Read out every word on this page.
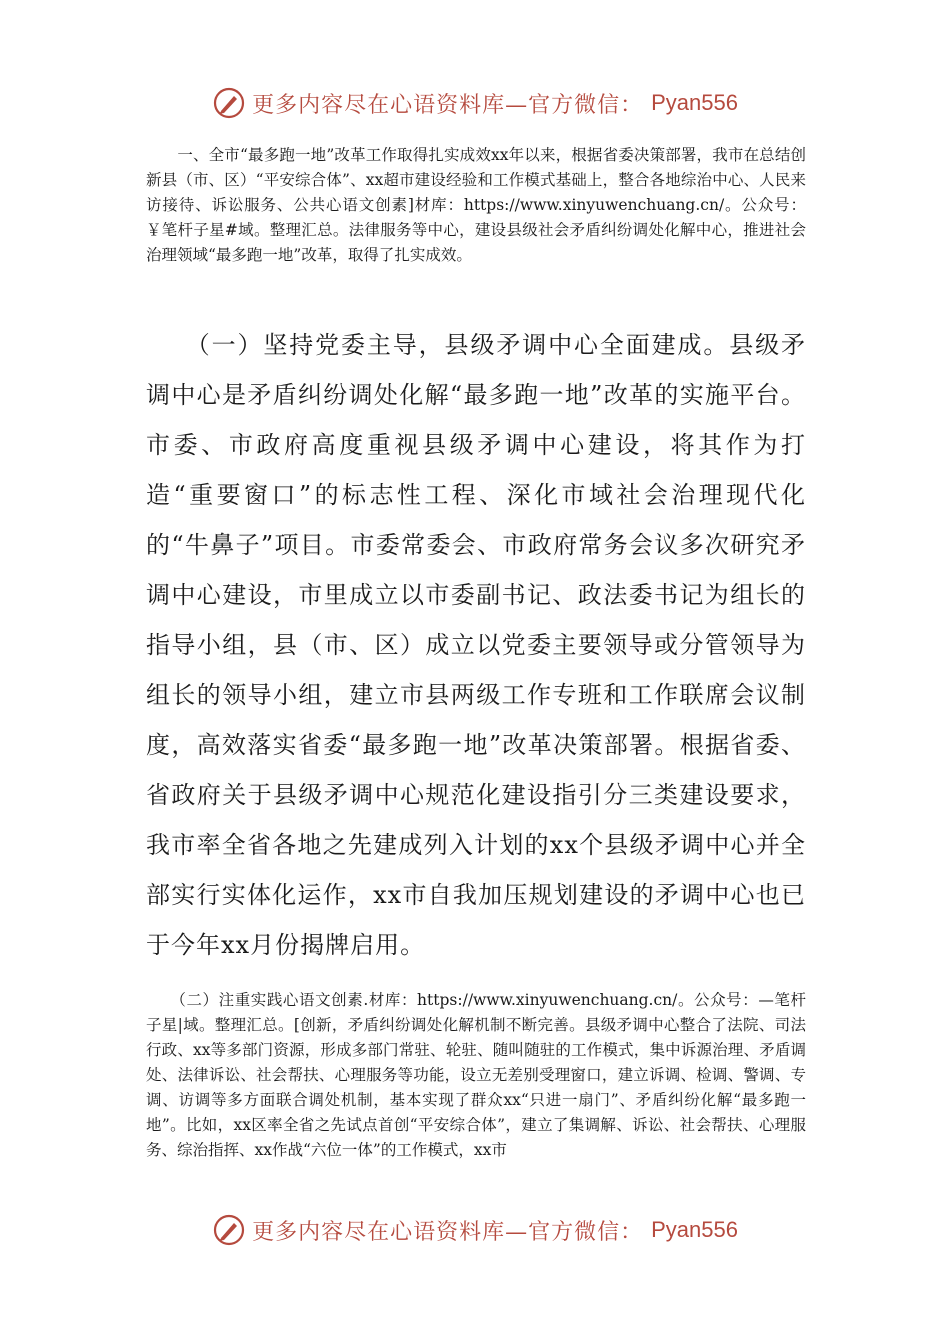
更多内容尽在心语资料库—官方微信： Pyan556

　　一、全市“最多跑一地”改革工作取得扎实成效xx年以来，根据省委决策部署，我市在总结创新县（市、区）“平安综合体”、xx超市建设经验和工作模式基础上，整合各地综治中心、人民来访接待、诉讼服务、公共心语文创素]材库：https://www.xinyuwenchuang.cn/。公众号：￥笔杆子星#域。整理汇总。法律服务等中心，建设县级社会矛盾纠纷调处化解中心，推进社会治理领域“最多跑一地”改革，取得了扎实成效。

　　（一）坚持党委主导，县级矛调中心全面建成。县级矛调中心是矛盾纠纷调处化解“最多跑一地”改革的实施平台。市委、市政府高度重视县级矛调中心建设，将其作为打造“重要窗口”的标志性工程、深化市域社会治理现代化的“牛鼻子”项目。市委常委会、市政府常务会议多次研究矛调中心建设，市里成立以市委副书记、政法委书记为组长的指导小组，县（市、区）成立以党委主要领导或分管领导为组长的领导小组，建立市县两级工作专班和工作联席会议制度，高效落实省委“最多跑一地”改革决策部署。根据省委、省政府关于县级矛调中心规范化建设指引分三类建设要求，我市率全省各地之先建成列入计划的xx个县级矛调中心并全部实行实体化运作，xx市自我加压规划建设的矛调中心也已于今年xx月份揭牌启用。

　　（二）注重实践心语文创素.材库：https://www.xinyuwenchuang.cn/。公众号：—笔杆子星|域。整理汇总。[创新，矛盾纠纷调处化解机制不断完善。县级矛调中心整合了法院、司法行政、xx等多部门资源，形成多部门常驻、轮驻、随叫随驻的工作模式，集中诉源治理、矛盾调处、法律诉讼、社会帮扶、心理服务等功能，设立无差别受理窗口，建立诉调、检调、警调、专调、访调等多方面联合调处机制，基本实现了群众xx“只进一扇门”、矛盾纠纷化解“最多跑一地”。比如，xx区率全省之先试点首创“平安综合体”，建立了集调解、诉讼、社会帮扶、心理服务、综治指挥、xx作战“六位一体”的工作模式，xx市

更多内容尽在心语资料库—官方微信： Pyan556
